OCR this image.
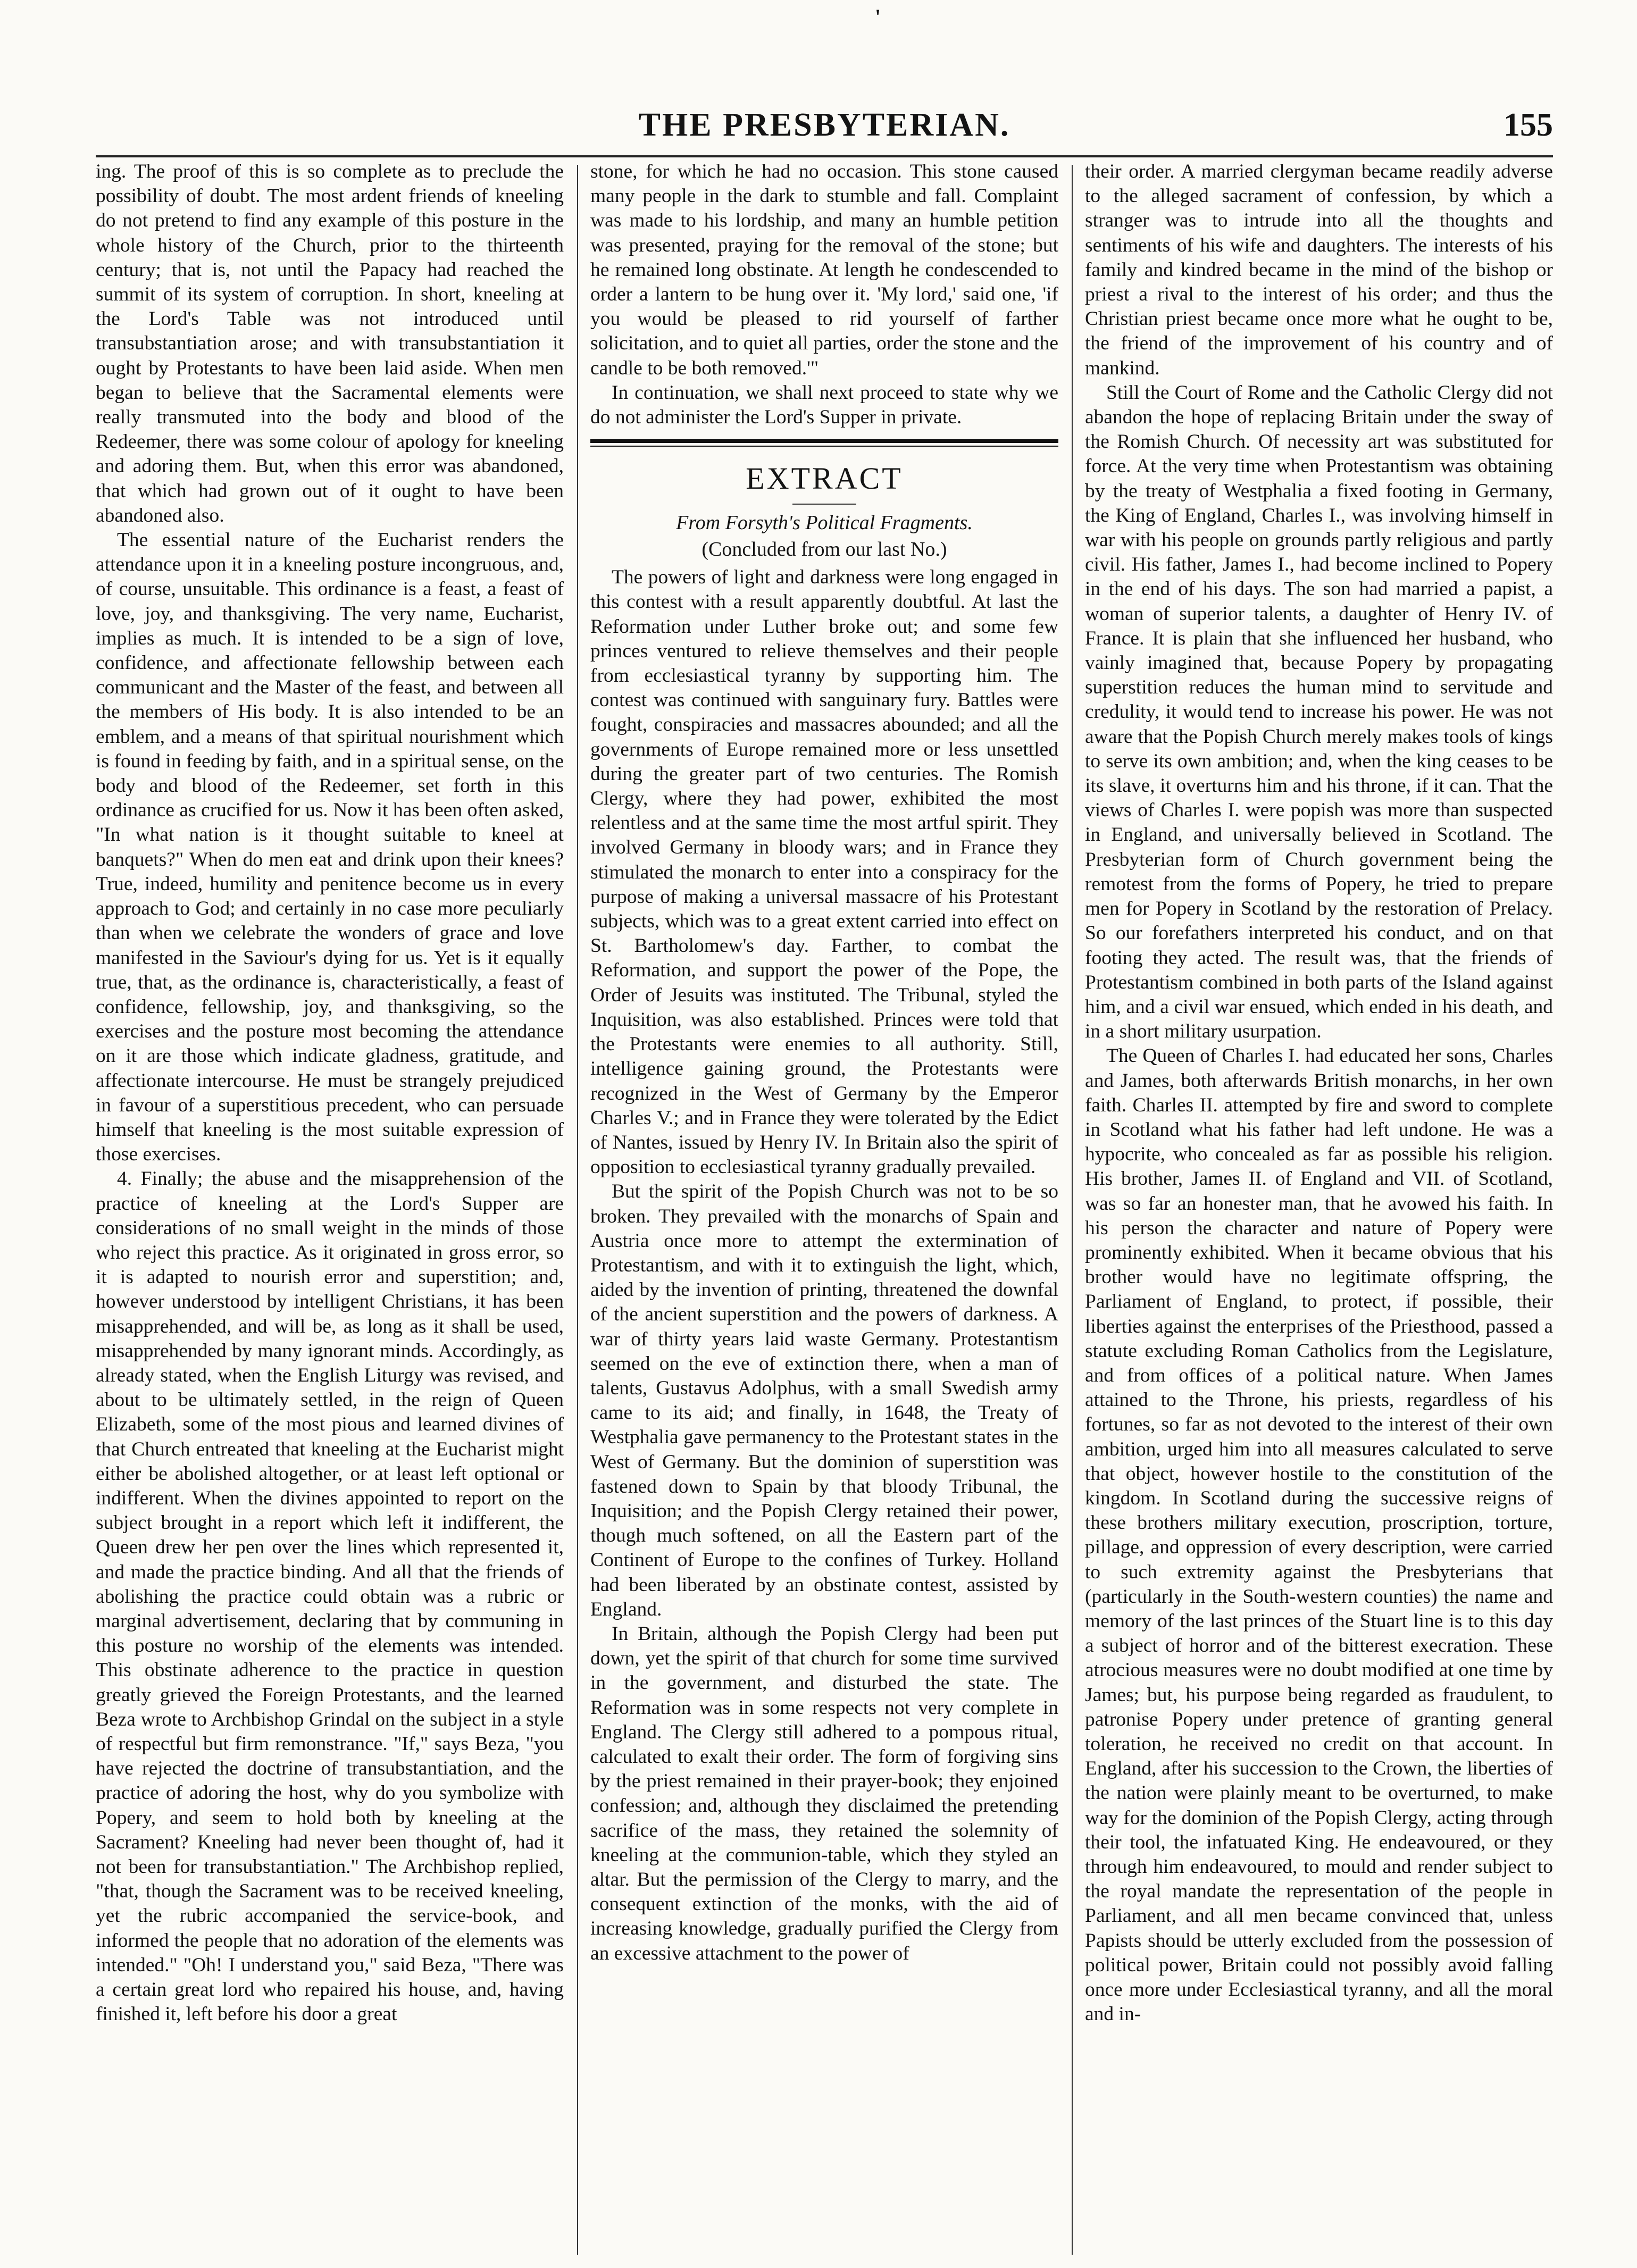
'
THE PRESBYTERIAN.	155

ing. The proof of this is so complete as to preclude the possibility of doubt. The most ardent friends of kneeling do not pretend to find any example of this posture in the whole history of the Church, prior to the thirteenth century; that is, not until the Papacy had reached the summit of its system of corruption. In short, kneeling at the Lord's Table was not introduced until transubstantiation arose; and with transubstantiation it ought by Protestants to have been laid aside. When men began to believe that the Sacramental elements were really transmuted into the body and blood of the Redeemer, there was some colour of apology for kneeling and adoring them. But, when this error was abandoned, that which had grown out of it ought to have been abandoned also.

The essential nature of the Eucharist renders the attendance upon it in a kneeling posture incongruous, and, of course, unsuitable. This ordinance is a feast, a feast of love, joy, and thanksgiving. The very name, Eucharist, implies as much. It is intended to be a sign of love, confidence, and affectionate fellowship between each communicant and the Master of the feast, and between all the members of His body. It is also intended to be an emblem, and a means of that spiritual nourishment which is found in feeding by faith, and in a spiritual sense, on the body and blood of the Redeemer, set forth in this ordinance as crucified for us. Now it has been often asked, "In what nation is it thought suitable to kneel at banquets?" When do men eat and drink upon their knees? True, indeed, humility and penitence become us in every approach to God; and certainly in no case more peculiarly than when we celebrate the wonders of grace and love manifested in the Saviour's dying for us. Yet is it equally true, that, as the ordinance is, characteristically, a feast of confidence, fellowship, joy, and thanksgiving, so the exercises and the posture most becoming the attendance on it are those which indicate gladness, gratitude, and affectionate intercourse. He must be strangely prejudiced in favour of a superstitious precedent, who can persuade himself that kneeling is the most suitable expression of those exercises.

4. Finally; the abuse and the misapprehension of the practice of kneeling at the Lord's Supper are considerations of no small weight in the minds of those who reject this practice. As it originated in gross error, so it is adapted to nourish error and superstition; and, however understood by intelligent Christians, it has been misapprehended, and will be, as long as it shall be used, misapprehended by many ignorant minds. Accordingly, as already stated, when the English Liturgy was revised, and about to be ultimately settled, in the reign of Queen Elizabeth, some of the most pious and learned divines of that Church entreated that kneeling at the Eucharist might either be abolished altogether, or at least left optional or indifferent. When the divines appointed to report on the subject brought in a report which left it indifferent, the Queen drew her pen over the lines which represented it, and made the practice binding. And all that the friends of abolishing the practice could obtain was a rubric or marginal advertisement, declaring that by communing in this posture no worship of the elements was intended. This obstinate adherence to the practice in question greatly grieved the Foreign Protestants, and the learned Beza wrote to Archbishop Grindal on the subject in a style of respectful but firm remonstrance. "If," says Beza, "you have rejected the doctrine of transubstantiation, and the practice of adoring the host, why do you symbolize with Popery, and seem to hold both by kneeling at the Sacrament? Kneeling had never been thought of, had it not been for transubstantiation." The Archbishop replied, "that, though the Sacrament was to be received kneeling, yet the rubric accompanied the service-book, and informed the people that no adoration of the elements was intended." "Oh! I understand you," said Beza, "There was a certain great lord who repaired his house, and, having finished it, left before his door a great

stone, for which he had no occasion. This stone caused many people in the dark to stumble and fall. Complaint was made to his lordship, and many an humble petition was presented, praying for the removal of the stone; but he remained long obstinate. At length he condescended to order a lantern to be hung over it. 'My lord,' said one, 'if you would be pleased to rid yourself of farther solicitation, and to quiet all parties, order the stone and the candle to be both removed.'"

In continuation, we shall next proceed to state why we do not administer the Lord's Supper in private.

EXTRACT
From Forsyth's Political Fragments.
(Concluded from our last No.)

The powers of light and darkness were long engaged in this contest with a result apparently doubtful. At last the Reformation under Luther broke out; and some few princes ventured to relieve themselves and their people from ecclesiastical tyranny by supporting him. The contest was continued with sanguinary fury. Battles were fought, conspiracies and massacres abounded; and all the governments of Europe remained more or less unsettled during the greater part of two centuries. The Romish Clergy, where they had power, exhibited the most relentless and at the same time the most artful spirit. They involved Germany in bloody wars; and in France they stimulated the monarch to enter into a conspiracy for the purpose of making a universal massacre of his Protestant subjects, which was to a great extent carried into effect on St. Bartholomew's day. Farther, to combat the Reformation, and support the power of the Pope, the Order of Jesuits was instituted. The Tribunal, styled the Inquisition, was also established. Princes were told that the Protestants were enemies to all authority. Still, intelligence gaining ground, the Protestants were recognized in the West of Germany by the Emperor Charles V.; and in France they were tolerated by the Edict of Nantes, issued by Henry IV. In Britain also the spirit of opposition to ecclesiastical tyranny gradually prevailed.

But the spirit of the Popish Church was not to be so broken. They prevailed with the monarchs of Spain and Austria once more to attempt the extermination of Protestantism, and with it to extinguish the light, which, aided by the invention of printing, threatened the downfal of the ancient superstition and the powers of darkness. A war of thirty years laid waste Germany. Protestantism seemed on the eve of extinction there, when a man of talents, Gustavus Adolphus, with a small Swedish army came to its aid; and finally, in 1648, the Treaty of Westphalia gave permanency to the Protestant states in the West of Germany. But the dominion of superstition was fastened down to Spain by that bloody Tribunal, the Inquisition; and the Popish Clergy retained their power, though much softened, on all the Eastern part of the Continent of Europe to the confines of Turkey. Holland had been liberated by an obstinate contest, assisted by England.

In Britain, although the Popish Clergy had been put down, yet the spirit of that church for some time survived in the government, and disturbed the state. The Reformation was in some respects not very complete in England. The Clergy still adhered to a pompous ritual, calculated to exalt their order. The form of forgiving sins by the priest remained in their prayer-book; they enjoined confession; and, although they disclaimed the pretending sacrifice of the mass, they retained the solemnity of kneeling at the communion-table, which they styled an altar. But the permission of the Clergy to marry, and the consequent extinction of the monks, with the aid of increasing knowledge, gradually purified the Clergy from an excessive attachment to the power of

their order. A married clergyman became readily adverse to the alleged sacrament of confession, by which a stranger was to intrude into all the thoughts and sentiments of his wife and daughters. The interests of his family and kindred became in the mind of the bishop or priest a rival to the interest of his order; and thus the Christian priest became once more what he ought to be, the friend of the improvement of his country and of mankind.

Still the Court of Rome and the Catholic Clergy did not abandon the hope of replacing Britain under the sway of the Romish Church. Of necessity art was substituted for force. At the very time when Protestantism was obtaining by the treaty of Westphalia a fixed footing in Germany, the King of England, Charles I., was involving himself in war with his people on grounds partly religious and partly civil. His father, James I., had become inclined to Popery in the end of his days. The son had married a papist, a woman of superior talents, a daughter of Henry IV. of France. It is plain that she influenced her husband, who vainly imagined that, because Popery by propagating superstition reduces the human mind to servitude and credulity, it would tend to increase his power. He was not aware that the Popish Church merely makes tools of kings to serve its own ambition; and, when the king ceases to be its slave, it overturns him and his throne, if it can. That the views of Charles I. were popish was more than suspected in England, and universally believed in Scotland. The Presbyterian form of Church government being the remotest from the forms of Popery, he tried to prepare men for Popery in Scotland by the restoration of Prelacy. So our forefathers interpreted his conduct, and on that footing they acted. The result was, that the friends of Protestantism combined in both parts of the Island against him, and a civil war ensued, which ended in his death, and in a short military usurpation.

The Queen of Charles I. had educated her sons, Charles and James, both afterwards British monarchs, in her own faith. Charles II. attempted by fire and sword to complete in Scotland what his father had left undone. He was a hypocrite, who concealed as far as possible his religion. His brother, James II. of England and VII. of Scotland, was so far an honester man, that he avowed his faith. In his person the character and nature of Popery were prominently exhibited. When it became obvious that his brother would have no legitimate offspring, the Parliament of England, to protect, if possible, their liberties against the enterprises of the Priesthood, passed a statute excluding Roman Catholics from the Legislature, and from offices of a political nature. When James attained to the Throne, his priests, regardless of his fortunes, so far as not devoted to the interest of their own ambition, urged him into all measures calculated to serve that object, however hostile to the constitution of the kingdom. In Scotland during the successive reigns of these brothers military execution, proscription, torture, pillage, and oppression of every description, were carried to such extremity against the Presbyterians that (particularly in the South-western counties) the name and memory of the last princes of the Stuart line is to this day a subject of horror and of the bitterest execration. These atrocious measures were no doubt modified at one time by James; but, his purpose being regarded as fraudulent, to patronise Popery under pretence of granting general toleration, he received no credit on that account. In England, after his succession to the Crown, the liberties of the nation were plainly meant to be overturned, to make way for the dominion of the Popish Clergy, acting through their tool, the infatuated King. He endeavoured, or they through him endeavoured, to mould and render subject to the royal mandate the representation of the people in Parliament, and all men became convinced that, unless Papists should be utterly excluded from the possession of political power, Britain could not possibly avoid falling once more under Ecclesiastical tyranny, and all the moral and in-
